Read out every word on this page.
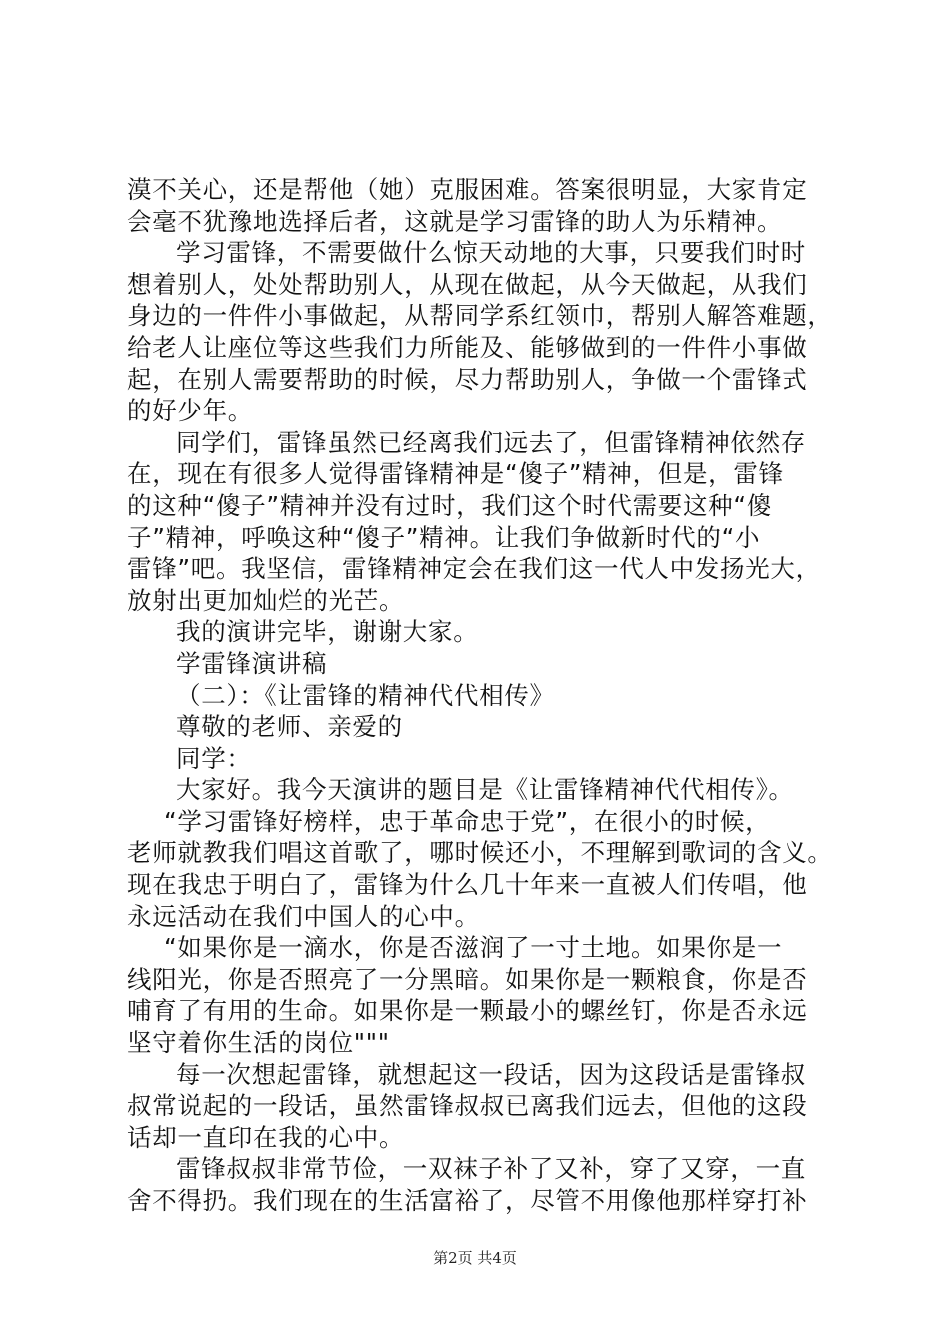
漠不关心，还是帮他（她）克服困难。答案很明显，大家肯定
会毫不犹豫地选择后者，这就是学习雷锋的助人为乐精神。
学习雷锋，不需要做什么惊天动地的大事，只要我们时时
想着别人，处处帮助别人，从现在做起，从今天做起，从我们
身边的一件件小事做起，从帮同学系红领巾，帮别人解答难题，
给老人让座位等这些我们力所能及、能够做到的一件件小事做
起，在别人需要帮助的时候，尽力帮助别人，争做一个雷锋式
的好少年。
同学们，雷锋虽然已经离我们远去了，但雷锋精神依然存
在，现在有很多人觉得雷锋精神是“傻子”精神，但是，雷锋
的这种“傻子”精神并没有过时，我们这个时代需要这种“傻
子”精神，呼唤这种“傻子”精神。让我们争做新时代的“小
雷锋”吧。我坚信，雷锋精神定会在我们这一代人中发扬光大，
放射出更加灿烂的光芒。
我的演讲完毕，谢谢大家。
学雷锋演讲稿
（二）：《让雷锋的精神代代相传》
尊敬的老师、亲爱的
同学：
大家好。我今天演讲的题目是《让雷锋精神代代相传》。
“学习雷锋好榜样，忠于革命忠于党”，在很小的时候，
老师就教我们唱这首歌了，哪时候还小，不理解到歌词的含义。
现在我忠于明白了，雷锋为什么几十年来一直被人们传唱，他
永远活动在我们中国人的心中。
“如果你是一滴水，你是否滋润了一寸土地。如果你是一
线阳光，你是否照亮了一分黑暗。如果你是一颗粮食，你是否
哺育了有用的生命。如果你是一颗最小的螺丝钉，你是否永远
坚守着你生活的岗位"""
每一次想起雷锋，就想起这一段话，因为这段话是雷锋叔
叔常说起的一段话，虽然雷锋叔叔已离我们远去，但他的这段
话却一直印在我的心中。
雷锋叔叔非常节俭，一双袜子补了又补，穿了又穿，一直
舍不得扔。我们现在的生活富裕了，尽管不用像他那样穿打补
第2页 共4页
